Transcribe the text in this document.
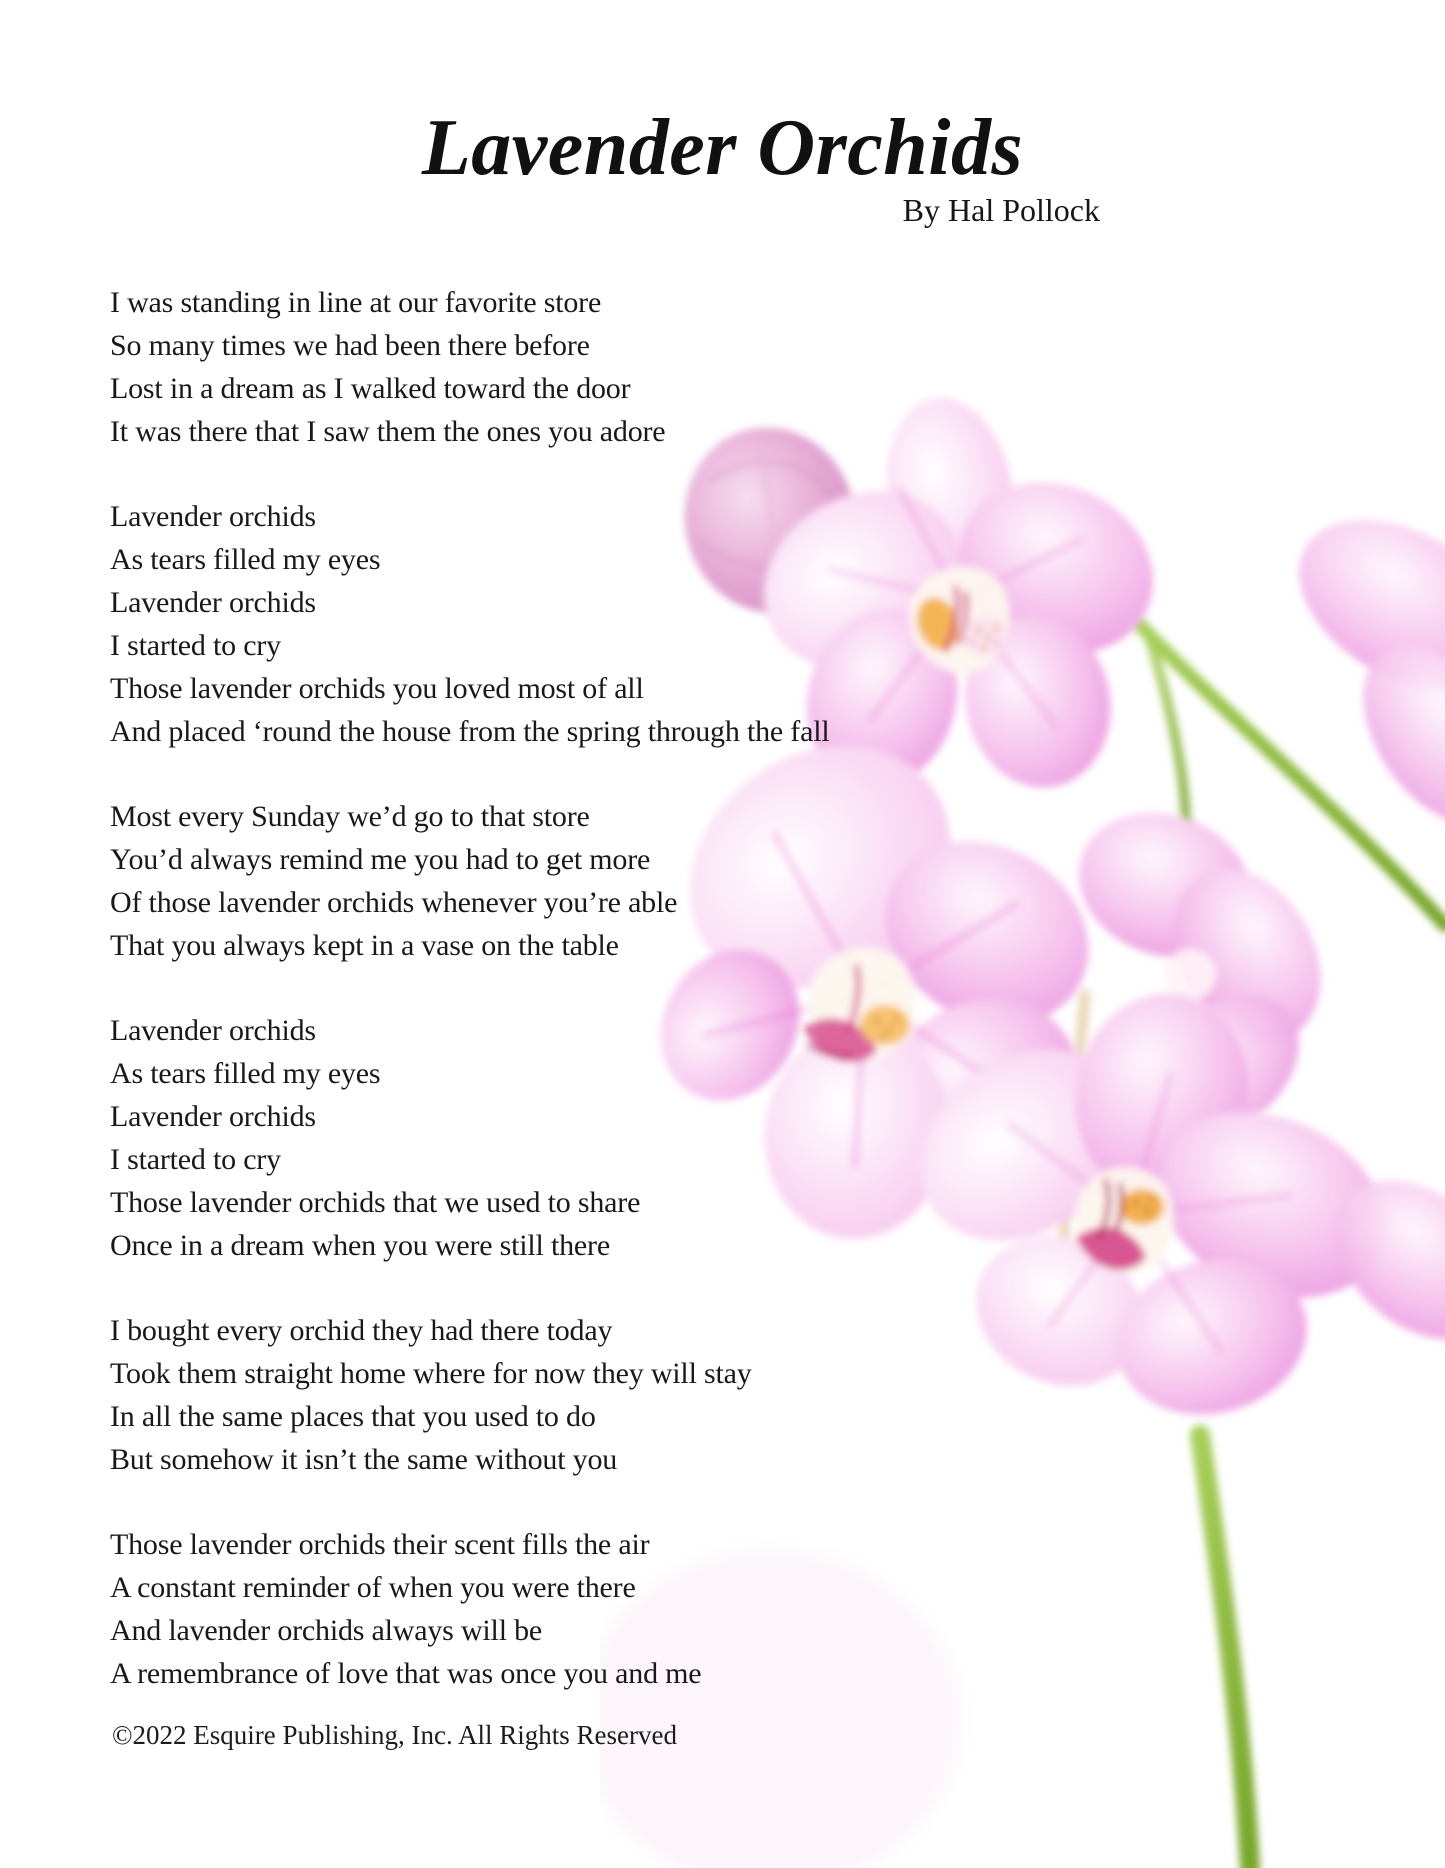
Lavender Orchids
By Hal Pollock
I was standing in line at our favorite store
So many times we had been there before
Lost in a dream as I walked toward the door
It was there that I saw them the ones you adore
Lavender orchids
As tears filled my eyes
Lavender orchids
I started to cry
Those lavender orchids you loved most of all
And placed ‘round the house from the spring through the fall
Most every Sunday we’d go to that store
You’d always remind me you had to get more
Of those lavender orchids whenever you’re able
That you always kept in a vase on the table
Lavender orchids
As tears filled my eyes
Lavender orchids
I started to cry
Those lavender orchids that we used to share
Once in a dream when you were still there
I bought every orchid they had there today
Took them straight home where for now they will stay
In all the same places that you used to do
But somehow it isn’t the same without you
Those lavender orchids their scent fills the air
A constant reminder of when you were there
And lavender orchids always will be
A remembrance of love that was once you and me
©2022 Esquire Publishing, Inc. All Rights Reserved
